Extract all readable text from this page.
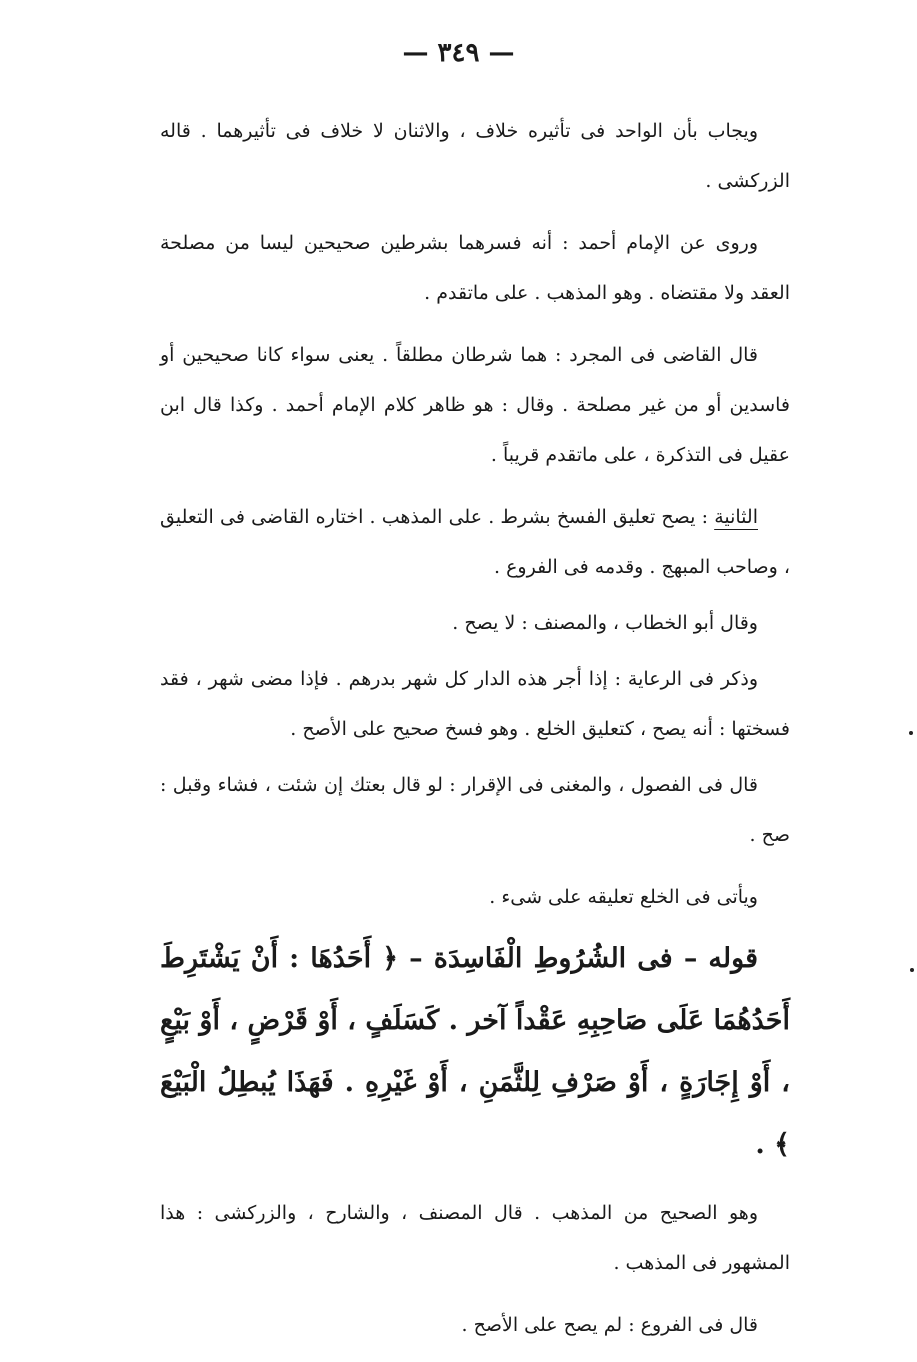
— ٣٤٩ —

ويجاب بأن الواحد فى تأثيره خلاف ، والاثنان لا خلاف فى تأثيرهما . قاله الزركشى .

وروى عن الإمام أحمد : أنه فسرهما بشرطين صحيحين ليسا من مصلحة العقد ولا مقتضاه . وهو المذهب . على ماتقدم .

قال القاضى فى المجرد : هما شرطان مطلقاً . يعنى سواء كانا صحيحين أو فاسدين أو من غير مصلحة . وقال : هو ظاهر كلام الإمام أحمد . وكذا قال ابن عقيل فى التذكرة ، على ماتقدم قريباً .

الثانية : يصح تعليق الفسخ بشرط . على المذهب . اختاره القاضى فى التعليق ، وصاحب المبهج . وقدمه فى الفروع .

وقال أبو الخطاب ، والمصنف : لا يصح .

وذكر فى الرعاية : إذا أجر هذه الدار كل شهر بدرهم . فإذا مضى شهر ، فقد فسختها : أنه يصح ، كتعليق الخلع . وهو فسخ صحيح على الأصح .

قال فى الفصول ، والمغنى فى الإقرار : لو قال بعتك إن شئت ، فشاء وقبل : صح .

ويأتى فى الخلع تعليقه على شىء .

قوله – فى الشُرُوطِ الْفَاسِدَة – ﴿ أَحَدُهَا : أَنْ يَشْتَرِطَ أَحَدُهُمَا عَلَى صَاحِبِهِ عَقْداً آخر . كَسَلَفٍ ، أَوْ قَرْضٍ ، أَوْ بَيْعٍ ، أَوْ إِجَارَةٍ ، أَوْ صَرْفِ لِلثَّمَنِ ، أَوْ غَيْرِهِ . فَهَذَا يُبطِلُ الْبَيْعَ ﴾ .

وهو الصحيح من المذهب . قال المصنف ، والشارح ، والزركشى : هذا المشهور فى المذهب .

قال فى الفروع : لم يصح على الأصح .
